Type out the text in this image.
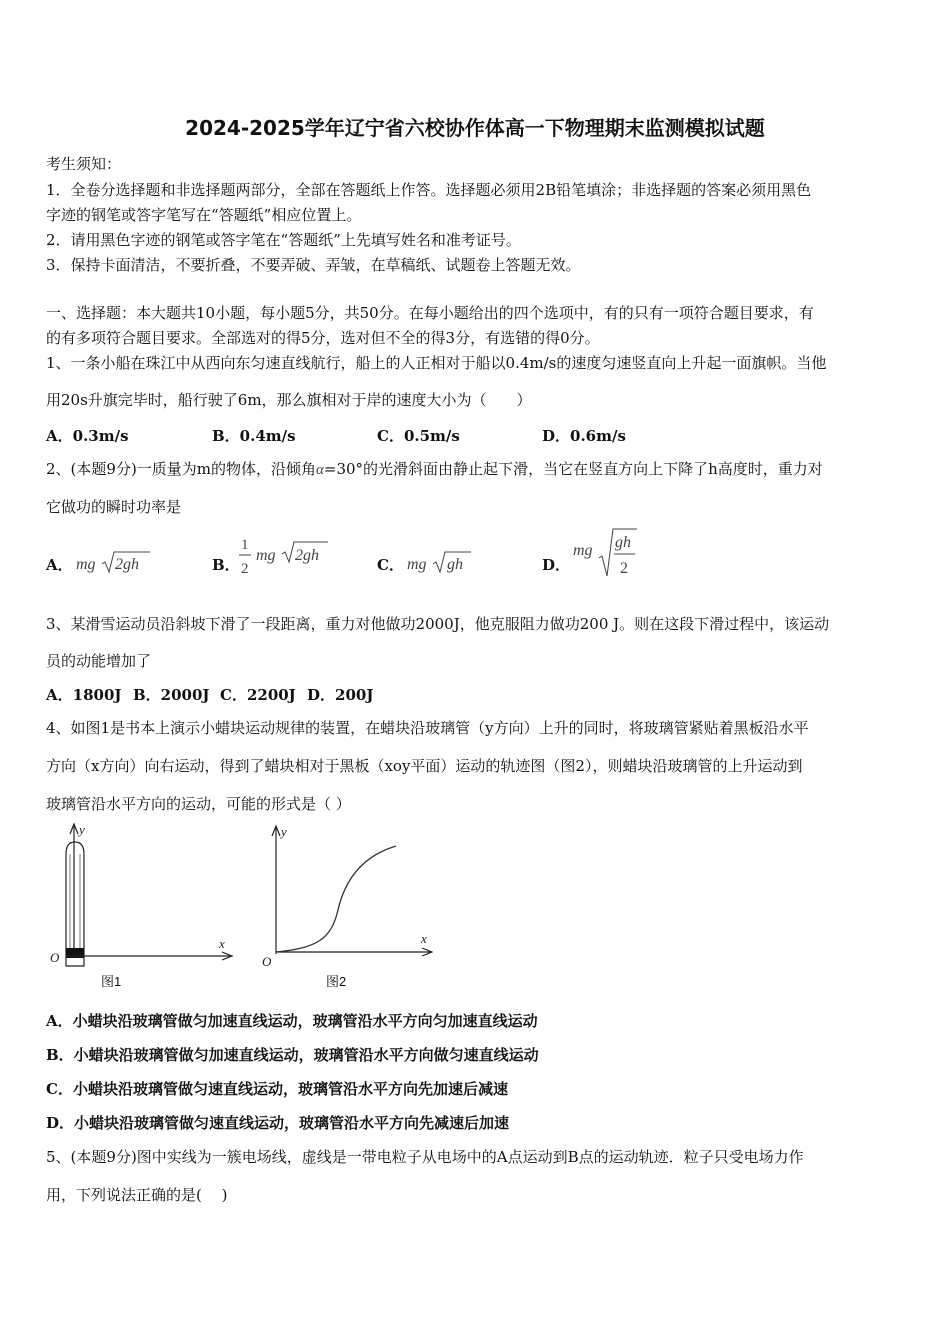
2024-2025学年辽宁省六校协作体高一下物理期末监测模拟试题
考生须知：
1．全卷分选择题和非选择题两部分，全部在答题纸上作答。选择题必须用2B铅笔填涂；非选择题的答案必须用黑色
字迹的钢笔或答字笔写在“答题纸”相应位置上。
2．请用黑色字迹的钢笔或答字笔在“答题纸”上先填写姓名和准考证号。
3．保持卡面清洁，不要折叠，不要弄破、弄皱，在草稿纸、试题卷上答题无效。
一、选择题：本大题共10小题，每小题5分，共50分。在每小题给出的四个选项中，有的只有一项符合题目要求，有
的有多项符合题目要求。全部选对的得5分，选对但不全的得3分，有选错的得0分。
1、一条小船在珠江中从西向东匀速直线航行，船上的人正相对于船以0.4m/s的速度匀速竖直向上升起一面旗帜。当他
用20s升旗完毕时，船行驶了6m，那么旗相对于岸的速度大小为（　　）
A．0.3m/s	B．0.4m/s	C．0.5m/s	D．0.6m/s
2、(本题9分)一质量为m的物体，沿倾角α=30°的光滑斜面由静止起下滑，当它在竖直方向上下降了h高度时，重力对
它做功的瞬时功率是
A．	B．	C．	D．
mg 2gh
1
2
mg 2gh
mg gh
mg gh
2
3、某滑雪运动员沿斜坡下滑了一段距离，重力对他做功2000J，他克服阻力做功200 J。则在这段下滑过程中，该运动
员的动能增加了
A．1800J B．2000J C．2200J D．200J
4、如图1是书本上演示小蜡块运动规律的装置，在蜡块沿玻璃管（y方向）上升的同时，将玻璃管紧贴着黑板沿水平
方向（x方向）向右运动，得到了蜡块相对于黑板（xoy平面）运动的轨迹图（图2），则蜡块沿玻璃管的上升运动到
玻璃管沿水平方向的运动，可能的形式是（ ）
y
x
O
图1
y
x
O
图2
A．小蜡块沿玻璃管做匀加速直线运动，玻璃管沿水平方向匀加速直线运动
B．小蜡块沿玻璃管做匀加速直线运动，玻璃管沿水平方向做匀速直线运动
C．小蜡块沿玻璃管做匀速直线运动，玻璃管沿水平方向先加速后减速
D．小蜡块沿玻璃管做匀速直线运动，玻璃管沿水平方向先减速后加速
5、(本题9分)图中实线为一簇电场线，虚线是一带电粒子从电场中的A点运动到B点的运动轨迹．粒子只受电场力作
用，下列说法正确的是(　 )
